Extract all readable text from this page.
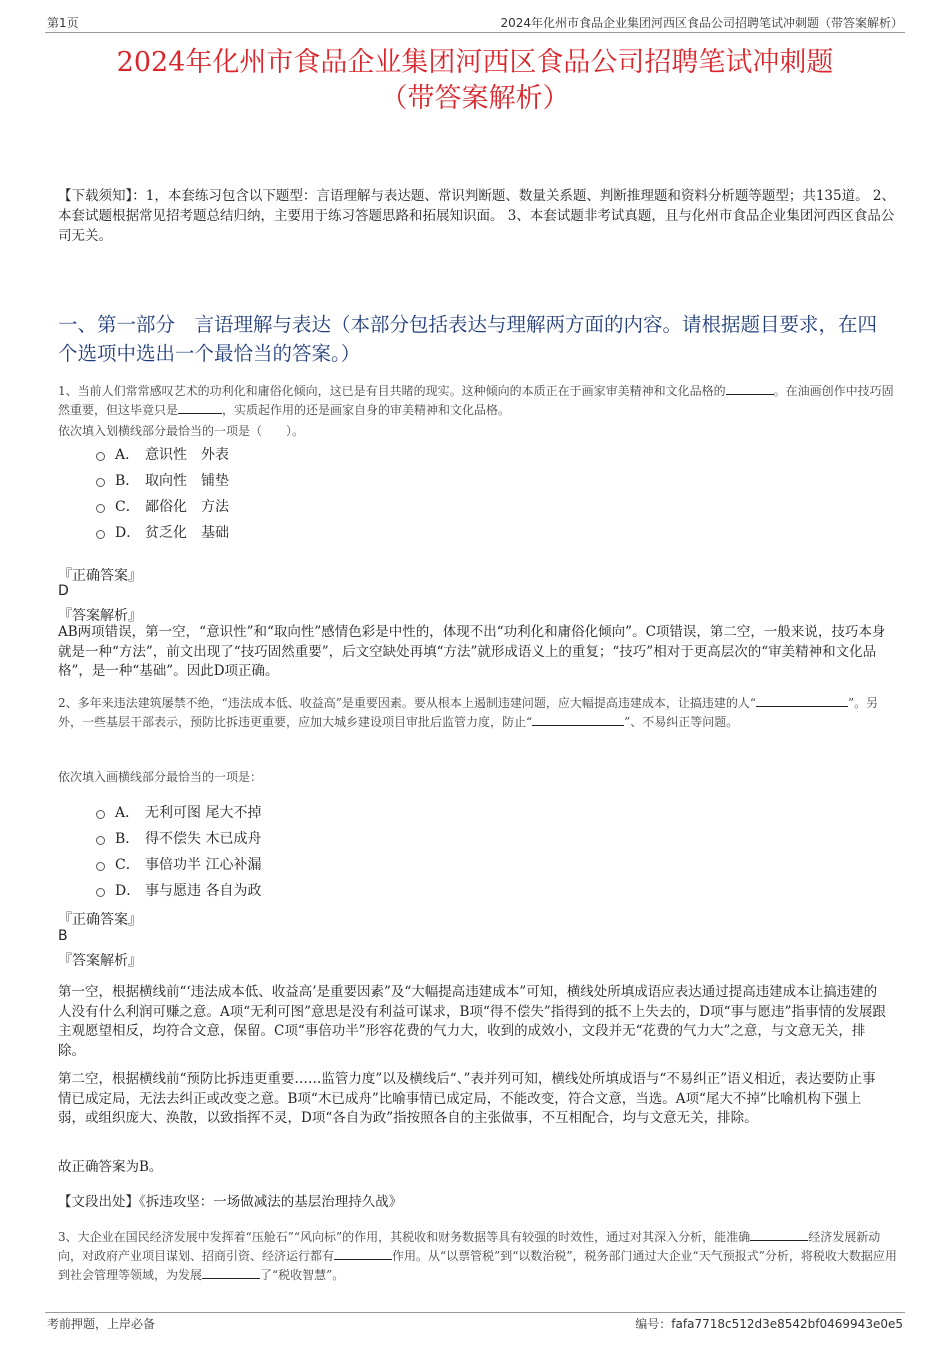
第1页	2024年化州市食品企业集团河西区食品公司招聘笔试冲刺题（带答案解析）
2024年化州市食品企业集团河西区食品公司招聘笔试冲刺题
（带答案解析）
【下载须知】：1，本套练习包含以下题型：言语理解与表达题、常识判断题、数量关系题、判断推理题和资料分析题等题型；共135道。 2、本套试题根据常见招考题总结归纳，主要用于练习答题思路和拓展知识面。 3、本套试题非考试真题，且与化州市食品企业集团河西区食品公司无关。
一、第一部分　言语理解与表达（本部分包括表达与理解两方面的内容。请根据题目要求，在四个选项中选出一个最恰当的答案。）
1、当前人们常常感叹艺术的功利化和庸俗化倾向，这已是有目共睹的现实。这种倾向的本质正在于画家审美精神和文化品格的	。在油画创作中技巧固然重要，但这毕竟只是	，实质起作用的还是画家自身的审美精神和文化品格。
依次填入划横线部分最恰当的一项是（　　）。
A． 意识性　外表
B． 取向性　铺垫
C． 鄙俗化　方法
D． 贫乏化　基础
『正确答案』
D
『答案解析』
AB两项错误，第一空，“意识性”和“取向性”感情色彩是中性的，体现不出“功利化和庸俗化倾向”。C项错误，第二空，一般来说，技巧本身就是一种“方法”，前文出现了“技巧固然重要”，后文空缺处再填“方法”就形成语义上的重复；“技巧”相对于更高层次的“审美精神和文化品格”，是一种“基础”。因此D项正确。
2、多年来违法建筑屡禁不绝，“违法成本低、收益高”是重要因素。要从根本上遏制违建问题，应大幅提高违建成本，让搞违建的人“	”。另外，一些基层干部表示，预防比拆违更重要，应加大城乡建设项目审批后监管力度，防止“	”、不易纠正等问题。
依次填入画横线部分最恰当的一项是：
A． 无利可图 尾大不掉
B． 得不偿失 木已成舟
C． 事倍功半 江心补漏
D． 事与愿违 各自为政
『正确答案』
B
『答案解析』
第一空，根据横线前“‘违法成本低、收益高’是重要因素”及“大幅提高违建成本”可知，横线处所填成语应表达通过提高违建成本让搞违建的人没有什么利润可赚之意。A项“无利可图”意思是没有利益可谋求，B项“得不偿失”指得到的抵不上失去的，D项“事与愿违”指事情的发展跟主观愿望相反，均符合文意，保留。C项“事倍功半”形容花费的气力大，收到的成效小，文段并无“花费的气力大”之意，与文意无关，排除。
第二空，根据横线前“预防比拆违更重要……监管力度”以及横线后“、”表并列可知，横线处所填成语与“不易纠正”语义相近，表达要防止事情已成定局，无法去纠正或改变之意。B项“木已成舟”比喻事情已成定局，不能改变，符合文意，当选。A项“尾大不掉”比喻机构下强上弱，或组织庞大、涣散，以致指挥不灵，D项“各自为政”指按照各自的主张做事，不互相配合，均与文意无关，排除。
故正确答案为B。
【文段出处】《拆违攻坚：一场做减法的基层治理持久战》
3、大企业在国民经济发展中发挥着“压舱石”“风向标”的作用，其税收和财务数据等具有较强的时效性，通过对其深入分析，能准确	经济发展新动向，对政府产业项目谋划、招商引资、经济运行都有	作用。从“以票管税”到“以数治税”，税务部门通过大企业“天气预报式”分析，将税收大数据应用到社会管理等领域，为发展	了“税收智慧”。
考前押题，上岸必备	编号：fafa7718c512d3e8542bf0469943e0e5
